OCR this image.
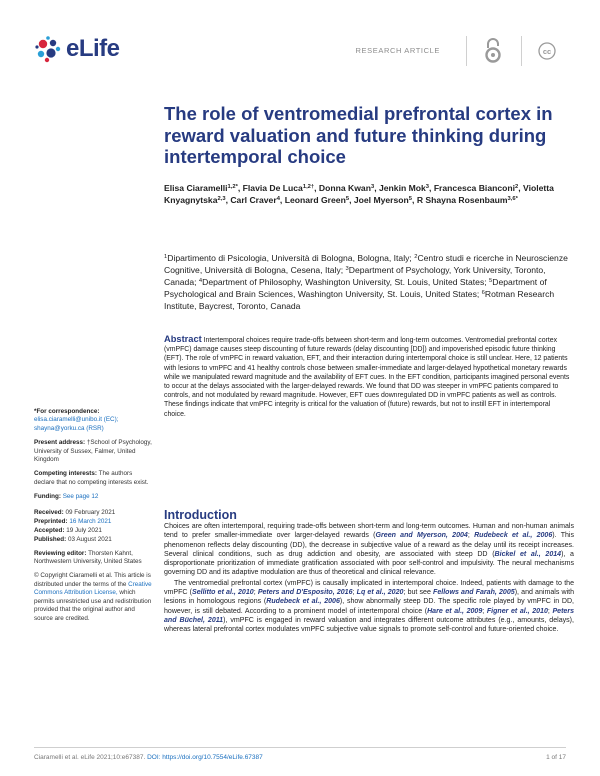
eLife	RESEARCH ARTICLE	cc
The role of ventromedial prefrontal cortex in reward valuation and future thinking during intertemporal choice
Elisa Ciaramelli$^{1,2*}$, Flavia De Luca$^{1,2\dagger}$, Donna Kwan$^3$, Jenkin Mok$^3$, Francesca Bianconi$^2$, Violetta Knyagnytska$^{2,3}$, Carl Craver$^4$, Leonard Green$^5$, Joel Myerson$^5$, R Shayna Rosenbaum$^{3,6*}$
$^1$Dipartimento di Psicologia, Università di Bologna, Bologna, Italy; $^2$Centro studi e ricerche in Neuroscienze Cognitive, Università di Bologna, Cesena, Italy; $^3$Department of Psychology, York University, Toronto, Canada; $^4$Department of Philosophy, Washington University, St. Louis, United States; $^5$Department of Psychological and Brain Sciences, Washington University, St. Louis, United States; $^6$Rotman Research Institute, Baycrest, Toronto, Canada
Abstract Intertemporal choices require trade-offs between short-term and long-term outcomes. Ventromedial prefrontal cortex (vmPFC) damage causes steep discounting of future rewards (delay discounting [DD]) and impoverished episodic future thinking (EFT). The role of vmPFC in reward valuation, EFT, and their interaction during intertemporal choice is still unclear. Here, 12 patients with lesions to vmPFC and 41 healthy controls chose between smaller-immediate and larger-delayed hypothetical monetary rewards while we manipulated reward magnitude and the availability of EFT cues. In the EFT condition, participants imagined personal events to occur at the delays associated with the larger-delayed rewards. We found that DD was steeper in vmPFC patients compared to controls, and not modulated by reward magnitude. However, EFT cues downregulated DD in vmPFC patients as well as controls. These findings indicate that vmPFC integrity is critical for the valuation of (future) rewards, but not to instill EFT in intertemporal choice.
*For correspondence:
elisa.ciaramelli@unibo.it (EC); shayna@yorku.ca (RSR)
Present address: †School of Psychology, University of Sussex, Falmer, United Kingdom
Competing interests: The authors declare that no competing interests exist.
Funding: See page 12
Received: 09 February 2021
Preprinted: 16 March 2021
Accepted: 19 July 2021
Published: 03 August 2021
Reviewing editor: Thorsten Kahnt, Northwestern University, United States
© Copyright Ciaramelli et al. This article is distributed under the terms of the Creative Commons Attribution License, which permits unrestricted use and redistribution provided that the original author and source are credited.
Introduction

Choices are often intertemporal, requiring trade-offs between short-term and long-term outcomes. Human and non-human animals tend to prefer smaller-immediate over larger-delayed rewards (Green and Myerson, 2004; Rudebeck et al., 2006). This phenomenon reflects delay discounting (DD), the decrease in subjective value of a reward as the delay until its receipt increases. Several clinical conditions, such as drug addiction and obesity, are associated with steep DD (Bickel et al., 2014), a disproportionate prioritization of immediate gratification associated with poor self-control and impulsivity. The neural mechanisms governing DD and its adaptive modulation are thus of theoretical and clinical relevance.

The ventromedial prefrontal cortex (vmPFC) is causally implicated in intertemporal choice. Indeed, patients with damage to the vmPFC (Sellitto et al., 2010; Peters and D'Esposito, 2016; Lq et al., 2020; but see Fellows and Farah, 2005), and animals with lesions in homologous regions (Rudebeck et al., 2006), show abnormally steep DD. The specific role played by vmPFC in DD, however, is still debated. According to a prominent model of intertemporal choice (Hare et al., 2009; Figner et al., 2010; Peters and Büchel, 2011), vmPFC is engaged in reward valuation and integrates different outcome attributes (e.g., amounts, delays), whereas lateral prefrontal cortex modulates vmPFC subjective value signals to promote self-control and future-oriented choice.

Ciaramelli et al. eLife 2021;10:e67387. DOI: https://doi.org/10.7554/eLife.67387	1 of 17
